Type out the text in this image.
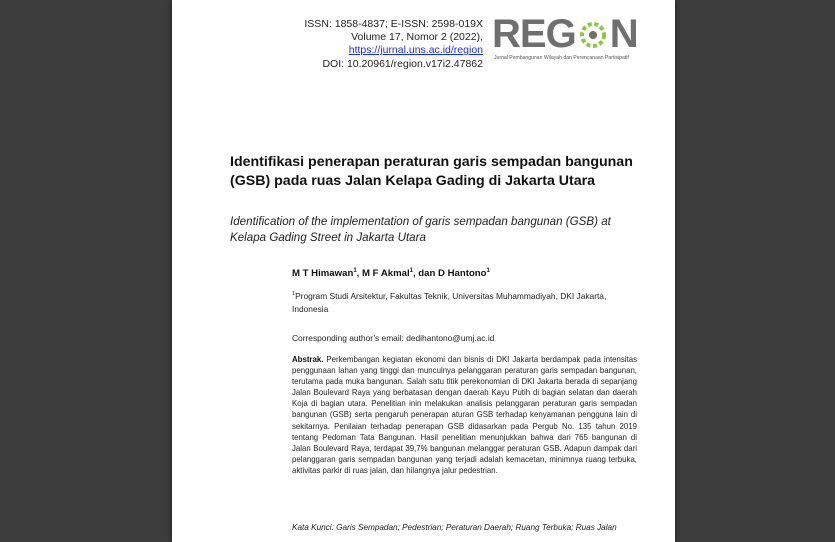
ISSN: 1858-4837; E-ISSN: 2598-019X
Volume 17, Nomor 2 (2022),
https://jurnal.uns.ac.id/region
DOI: 10.20961/region.v17i2.47862
REG N
Jurnal Pembangunan Wilayah dan Perencanaan Partisipatif
Identifikasi penerapan peraturan garis sempadan bangunan (GSB) pada ruas Jalan Kelapa Gading di Jakarta Utara
Identification of the implementation of garis sempadan bangunan (GSB) at Kelapa Gading Street in Jakarta Utara
M T Himawan$^1$, M F Akmal$^1$, dan D Hantono$^1$
$^1$Program Studi Arsitektur, Fakultas Teknik, Universitas Muhammadiyah, DKI Jakarta, Indonesia
Corresponding author’s email: dedihantono@umj.ac.id
Abstrak. Perkembangan kegiatan ekonomi dan bisnis di DKI Jakarta berdampak pada intensitas penggunaan lahan yang tinggi dan munculnya pelanggaran peraturan garis sempadan bangunan, terutama pada muka bangunan. Salah satu titik perekonomian di DKI Jakarta berada di sepanjang Jalan Boulevard Raya yang berbatasan dengan daerah Kayu Putih di bagian selatan dan daerah Koja di bagian utara. Penelitian inin melakukan analisis pelanggaran peraturan garis sempadan bangunan (GSB) serta pengaruh penerapan aturan GSB terhadap kenyamanan pengguna lain di sekitarnya. Penilaian terhadap penerapan GSB didasarkan pada Pergub No. 135 tahun 2019 tentang Pedoman Tata Bangunan. Hasil penelitian menunjukkan bahwa dari 765 bangunan di Jalan Boulevard Raya, terdapat 39,7% bangunan melanggar peraturan GSB. Adapun dampak dari pelanggaran garis sempadan bangunan yang terjadi adalah kemacetan, minimnya ruang terbuka, aktivitas parkir di ruas jalan, dan hilangnya jalur pedestrian.
Kata Kunci: Garis Sempadan; Pedestrian; Peraturan Daerah; Ruang Terbuka; Ruas Jalan
